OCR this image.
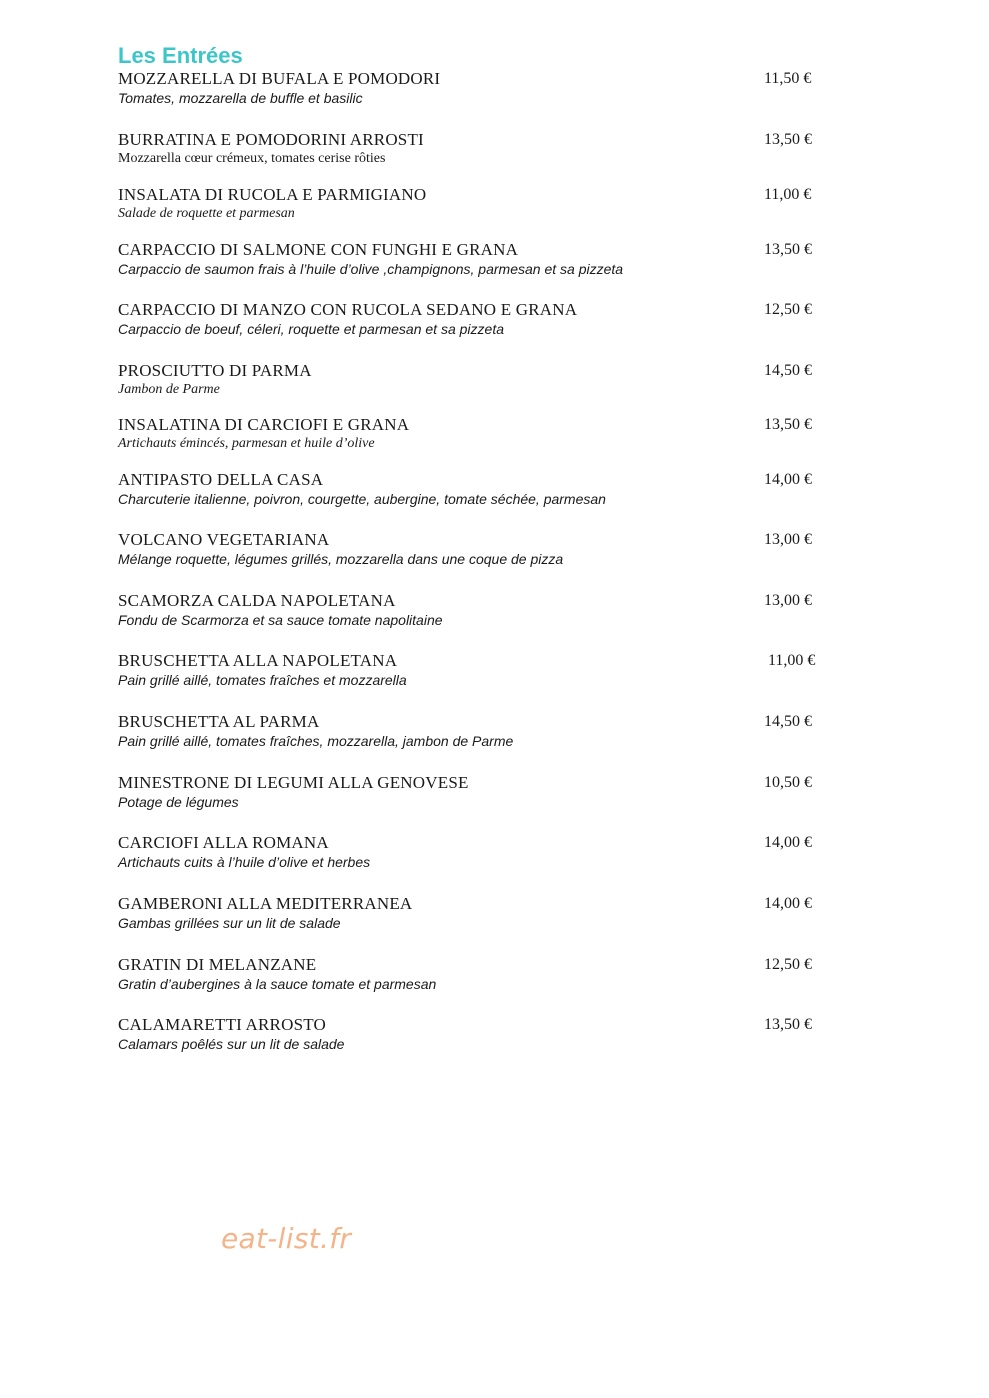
Les Entrées
MOZZARELLA DI BUFALA E POMODORI
Tomates, mozzarella de buffle et basilic
11,50 €
BURRATINA E POMODORINI ARROSTI
Mozzarella cœur crémeux, tomates cerise rôties
13,50 €
INSALATA DI RUCOLA E PARMIGIANO
Salade de roquette et parmesan
11,00 €
CARPACCIO DI SALMONE CON FUNGHI E GRANA
Carpaccio de saumon frais à l’huile d’olive ,champignons, parmesan et sa pizzeta
13,50 €
CARPACCIO DI MANZO CON RUCOLA SEDANO E GRANA
Carpaccio de boeuf, céleri, roquette et parmesan et sa pizzeta
12,50 €
PROSCIUTTO DI PARMA
Jambon de Parme
14,50 €
INSALATINA DI CARCIOFI E GRANA
Artichauts émincés, parmesan et huile d’olive
13,50 €
ANTIPASTO DELLA CASA
Charcuterie italienne, poivron, courgette, aubergine, tomate séchée, parmesan
14,00 €
VOLCANO VEGETARIANA
Mélange roquette, légumes grillés, mozzarella dans une coque de pizza
13,00 €
SCAMORZA CALDA NAPOLETANA
Fondu de Scarmorza et sa sauce tomate napolitaine
13,00 €
BRUSCHETTA ALLA NAPOLETANA
Pain grillé aillé, tomates fraîches et mozzarella
11,00 €
BRUSCHETTA AL PARMA
Pain grillé aillé, tomates fraîches, mozzarella, jambon de Parme
14,50 €
MINESTRONE DI LEGUMI ALLA GENOVESE
Potage de légumes
10,50 €
CARCIOFI ALLA ROMANA
Artichauts cuits à l’huile d’olive et herbes
14,00 €
GAMBERONI ALLA MEDITERRANEA
Gambas grillées sur un lit de salade
14,00 €
GRATIN DI MELANZANE
Gratin d’aubergines à la sauce tomate et parmesan
12,50 €
CALAMARETTI ARROSTO
Calamars poêlés sur un lit de salade
13,50 €
eat-list.fr
